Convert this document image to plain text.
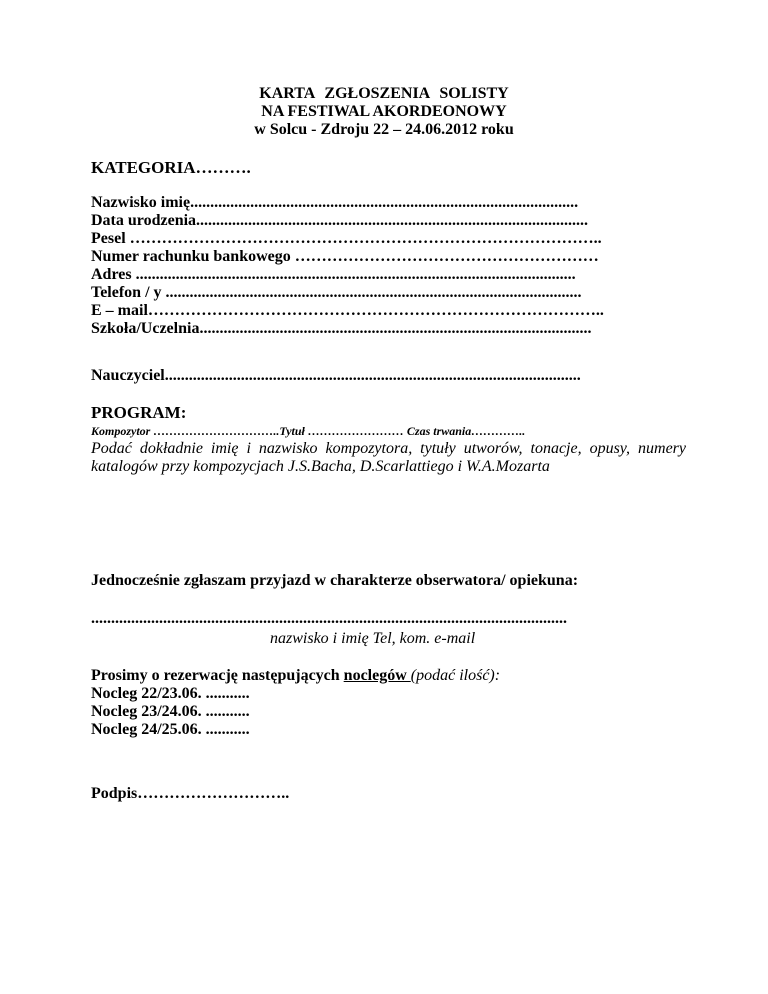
KARTA ZGŁOSZENIA SOLISTY
NA FESTIWAL AKORDEONOWY
w Solcu - Zdroju 22 – 24.06.2012 roku
KATEGORIA……….
Nazwisko imię.................................................................................................
Data urodzenia..................................................................................................
Pesel ……………………………………………………………………………..
Numer rachunku bankowego …………………………………………………
Adres ..............................................................................................................
Telefon / y ........................................................................................................
E – mail…………………………………………………………………………..
Szkoła/Uczelnia..................................................................................................
Nauczyciel........................................................................................................
PROGRAM:
Kompozytor …………………………..Tytuł …………………… Czas trwania…………..
Podać dokładnie imię i nazwisko kompozytora, tytuły utworów, tonacje, opusy, numery katalogów przy kompozycjach J.S.Bacha, D.Scarlattiego i W.A.Mozarta
Jednocześnie zgłaszam przyjazd w charakterze obserwatora/ opiekuna:
.......................................................................................................................
nazwisko i imię Tel, kom. e-mail
Prosimy o rezerwację następujących noclegów (podać ilość):
Nocleg 22/23.06. ...........
Nocleg 23/24.06. ...........
Nocleg 24/25.06. ...........
Podpis………………………..
